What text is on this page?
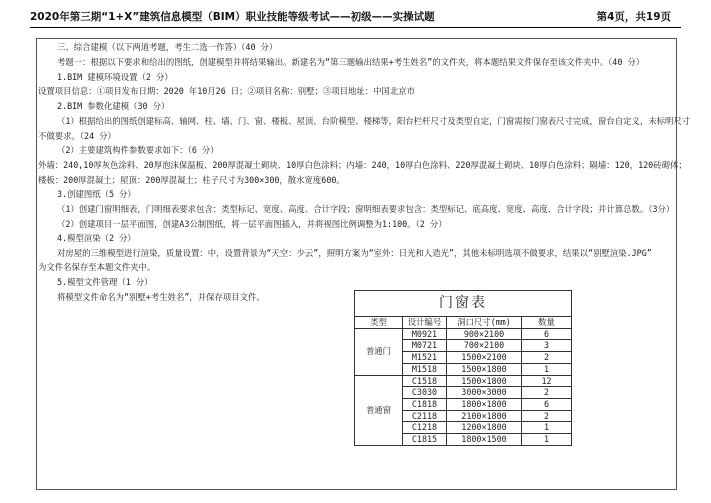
2020年第三期“1+X”建筑信息模型（BIM）职业技能等级考试——初级——实操试题	第4页，共19页
三、综合建模（以下两道考题，考生二选一作答）（40 分）
考题一：根据以下要求和给出的图纸，创建模型并将结果输出。新建名为“第三题输出结果+考生姓名”的文件夹，将本题结果文件保存至该文件夹中。（40 分）
1.BIM 建模环境设置（2 分）
设置项目信息：①项目发布日期：2020 年10月26 日；②项目名称：别墅；③项目地址：中国北京市
2.BIM 参数化建模（30 分）
（1）根据给出的图纸创建标高、轴网、柱、墙、门、窗、楼板、屋顶、台阶模型、楼梯等，阳台栏杆尺寸及类型自定，门窗需按门窗表尺寸完成，窗台自定义，未标明尺寸
不做要求。（24 分）
（2）主要建筑构件参数要求如下：（6 分）
外墙：240,10厚灰色涂料、20厚泡沫保温板、200厚混凝土砌块、10厚白色涂料；内墙：240，10厚白色涂料、220厚混凝土砌块、10厚白色涂料；隔墙：120，120砖砌体；
楼板：200厚混凝土；屋顶：200厚混凝土；柱子尺寸为300×300，散水宽度600。
3.创建图纸（5 分）
（1）创建门窗明细表，门明细表要求包含：类型标记、宽度、高度、合计字段；窗明细表要求包含：类型标记、底高度、宽度、高度、合计字段；并计算总数。（3分）
（2）创建项目一层平面图，创建A3公制图纸，将一层平面图插入，并将视图比例调整为1:100。（2 分）
4.模型渲染（2 分）
对房屋的三维模型进行渲染，质量设置：中，设置背景为“天空：少云”，照明方案为“室外：日光和人造光”，其他未标明选项不做要求，结果以“别墅渲染.JPG”
为文件名保存至本题文件夹中。
5.模型文件管理（1 分）
将模型文件命名为“别墅+考生姓名”，并保存项目文件。	门窗表			
类型	设计编号	洞口尺寸(mm)	数量
普通门	M0921	900×2100	6
	M0721	700×2100	3
	M1521	1500×2100	2
	M1518	1500×1800	1
普通窗	C1518	1500×1800	12
	C3030	3000×3000	2
	C1818	1800×1800	6
	C2118	2100×1800	2
	C1218	1200×1800	1
	C1815	1800×1500	1
